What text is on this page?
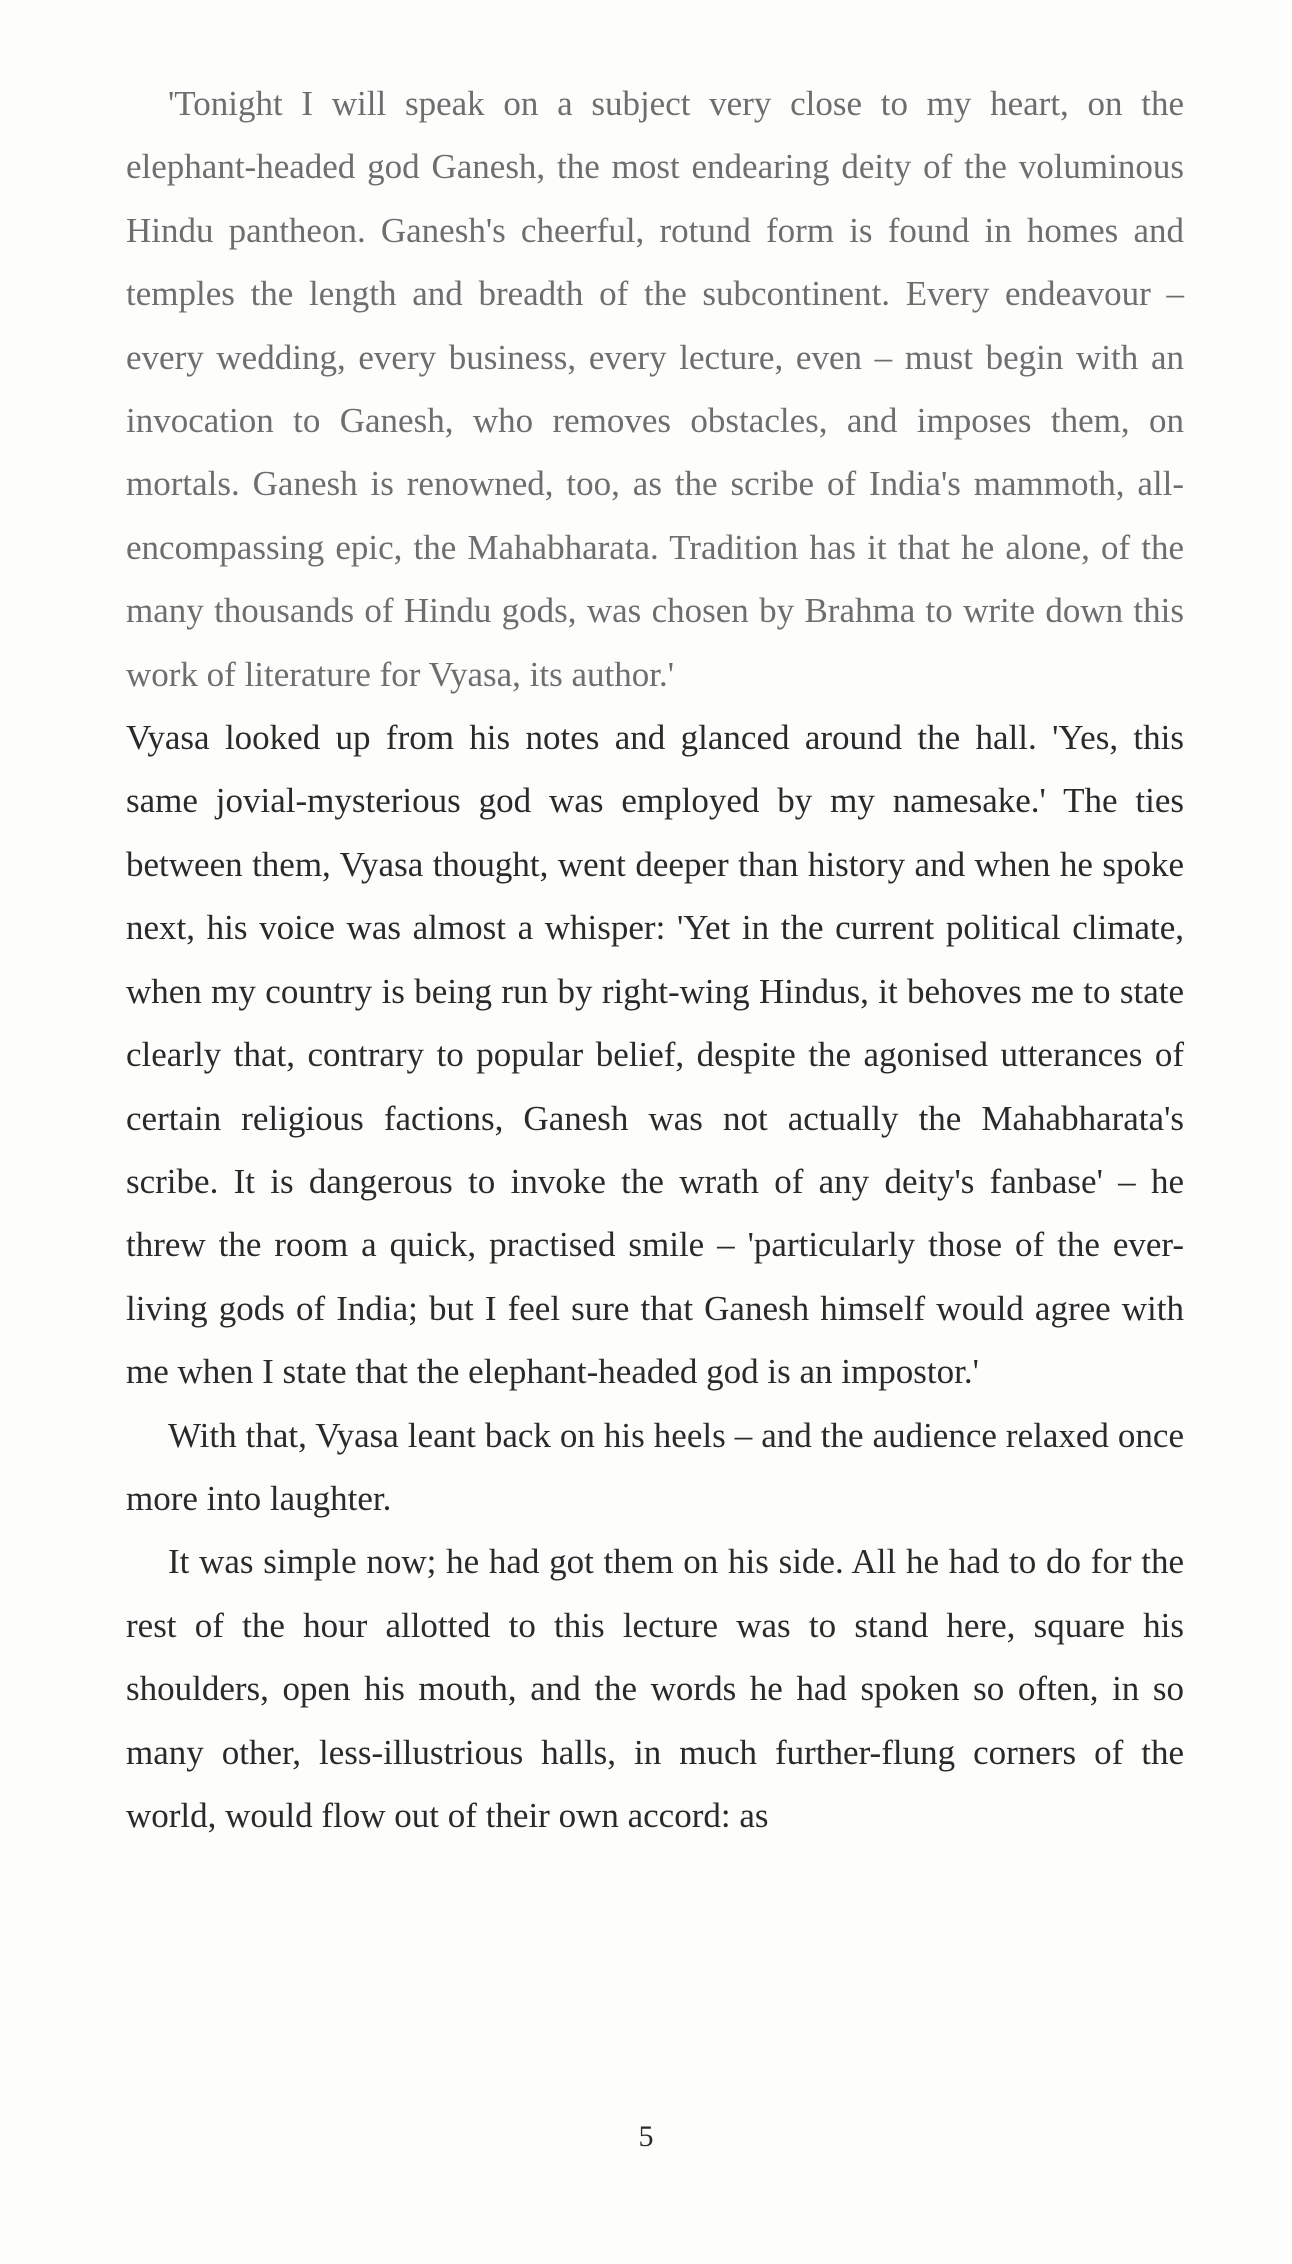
'Tonight I will speak on a subject very close to my heart, on the elephant-headed god Ganesh, the most endearing deity of the voluminous Hindu pantheon. Ganesh's cheerful, rotund form is found in homes and temples the length and breadth of the subcontinent. Every endeavour – every wedding, every business, every lecture, even – must begin with an invocation to Ganesh, who removes obstacles, and imposes them, on mortals. Ganesh is renowned, too, as the scribe of India's mammoth, all-encompassing epic, the Mahabharata. Tradition has it that he alone, of the many thousands of Hindu gods, was chosen by Brahma to write down this work of literature for Vyasa, its author.'

Vyasa looked up from his notes and glanced around the hall. 'Yes, this same jovial-mysterious god was employed by my namesake.' The ties between them, Vyasa thought, went deeper than history and when he spoke next, his voice was almost a whisper: 'Yet in the current political climate, when my country is being run by right-wing Hindus, it behoves me to state clearly that, contrary to popular belief, despite the agonised utterances of certain religious factions, Ganesh was not actually the Mahabharata's scribe. It is dangerous to invoke the wrath of any deity's fanbase' – he threw the room a quick, practised smile – 'particularly those of the ever-living gods of India; but I feel sure that Ganesh himself would agree with me when I state that the elephant-headed god is an impostor.'

With that, Vyasa leant back on his heels – and the audience relaxed once more into laughter.

It was simple now; he had got them on his side. All he had to do for the rest of the hour allotted to this lecture was to stand here, square his shoulders, open his mouth, and the words he had spoken so often, in so many other, less-illustrious halls, in much further-flung corners of the world, would flow out of their own accord: as

5
